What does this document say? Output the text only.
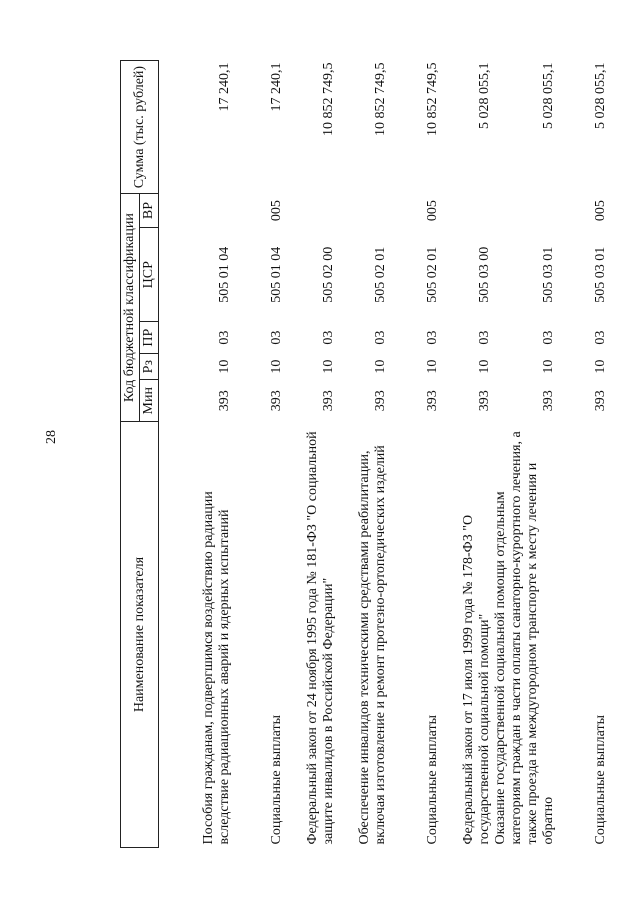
28
Наименование показателя	Код бюджетной классификации					Сумма (тыс. рублей)
	Мин	Рз	ПР	ЦСР	ВР	

Пособия гражданам, подвергшимся воздействию радиации вследствие радиационных аварий и ядерных испытаний	393	10	03	505 01 04		17 240,1
Социальные выплаты	393	10	03	505 01 04	005	17 240,1
Федеральный закон от 24 ноября 1995 года № 181-ФЗ "О социальной защите инвалидов в Российской Федерации"	393	10	03	505 02 00		10 852 749,5
Обеспечение инвалидов техническими средствами реабилитации, включая изготовление и ремонт протезно-ортопедических изделий	393	10	03	505 02 01		10 852 749,5
Социальные выплаты	393	10	03	505 02 01	005	10 852 749,5
Федеральный закон от 17 июля 1999 года № 178-ФЗ "О государственной социальной помощи"	393	10	03	505 03 00		5 028 055,1
Оказание государственной социальной помощи отдельным категориям граждан в части оплаты санаторно-курортного лечения, а также проезда на междугородном транспорте к месту лечения и обратно	393	10	03	505 03 01		5 028 055,1
Социальные выплаты	393	10	03	505 03 01	005	5 028 055,1
